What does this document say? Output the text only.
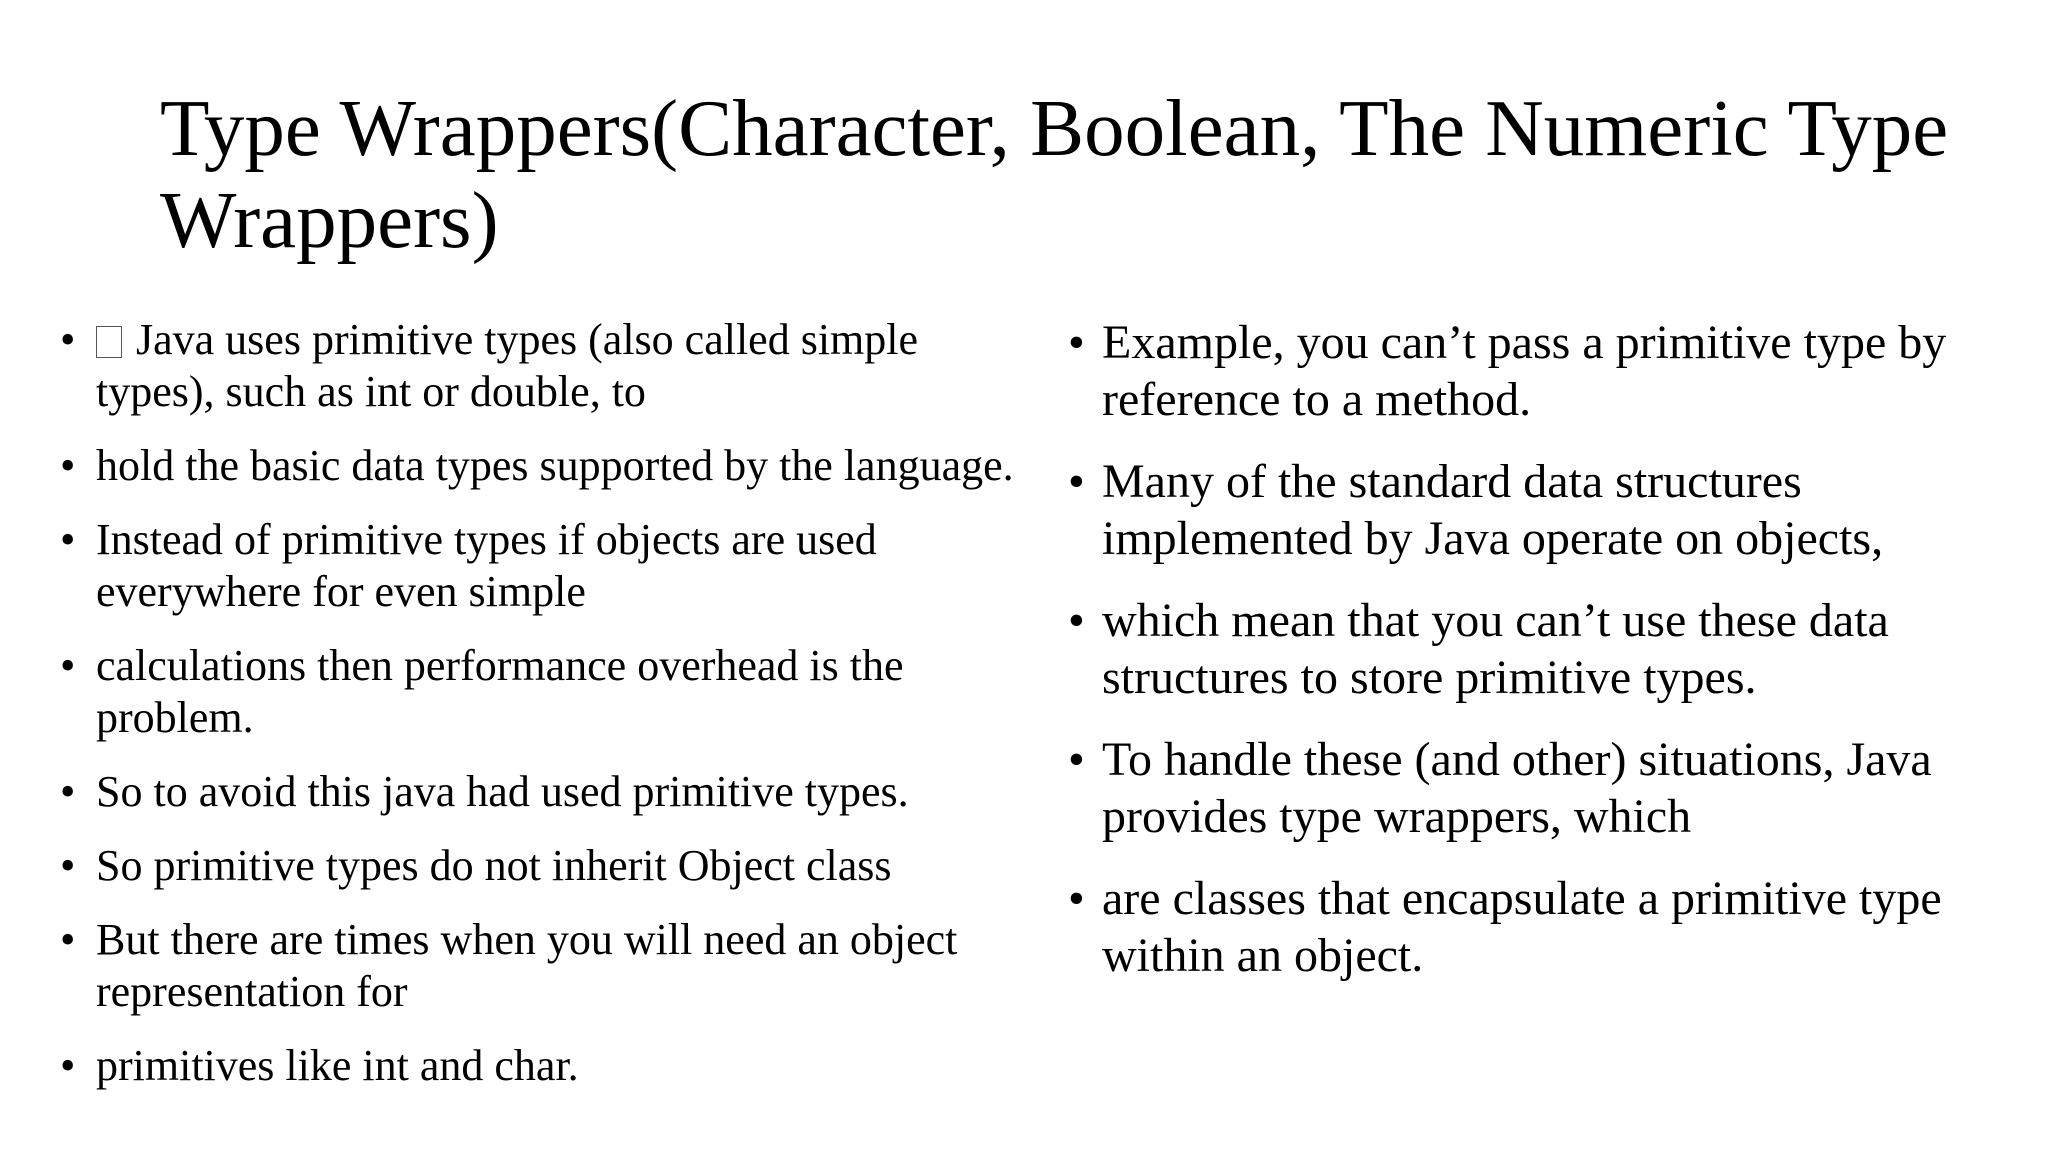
Type Wrappers(Character, Boolean, The Numeric Type Wrappers)
• Java uses primitive types (also called simple types), such as int or double, to
• hold the basic data types supported by the language.
• Instead of primitive types if objects are used everywhere for even simple
• calculations then performance overhead is the problem.
• So to avoid this java had used primitive types.
• So primitive types do not inherit Object class
• But there are times when you will need an object representation for
• primitives like int and char.
• Example, you can’t pass a primitive type by reference to a method.
• Many of the standard data structures implemented by Java operate on objects,
• which mean that you can’t use these data structures to store primitive types.
• To handle these (and other) situations, Java provides type wrappers, which
• are classes that encapsulate a primitive type within an object.
